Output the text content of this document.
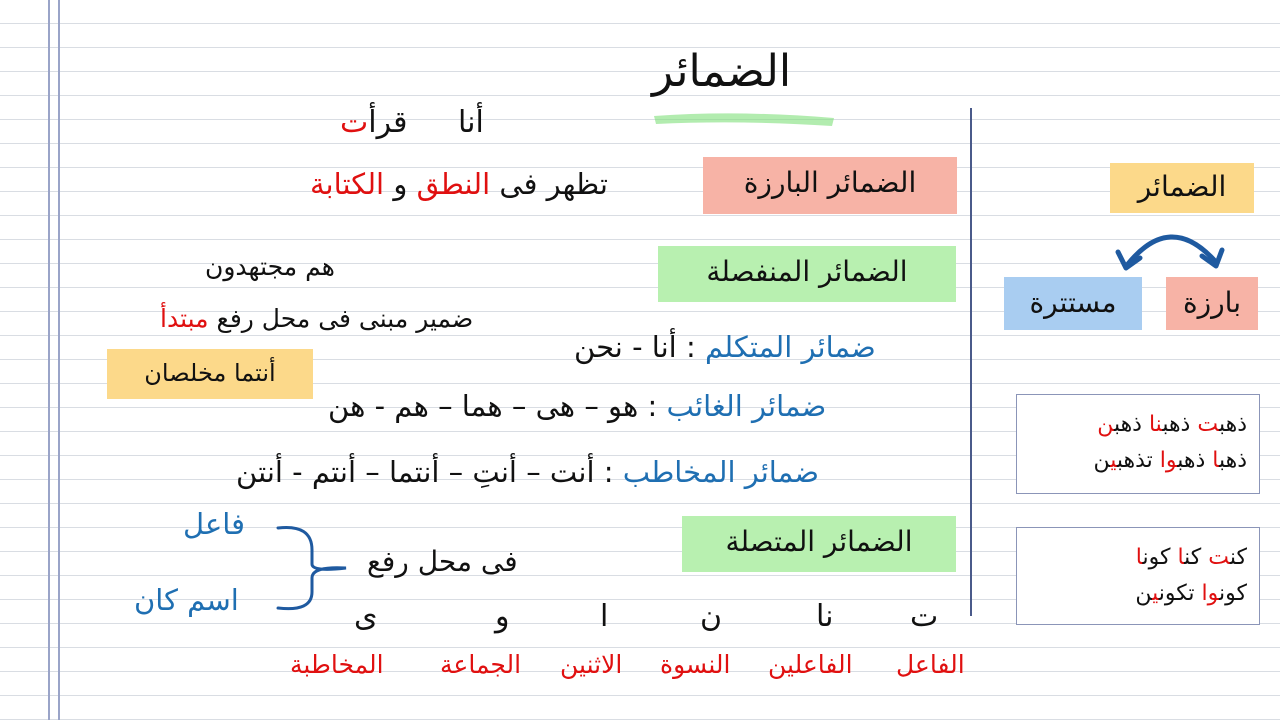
الضمائر
أنا
قرأت
الضمائر البارزة
تظهر فى النطق و الكتابة
الضمائر المنفصلة
هم مجتهدون
ضمير مبنى فى محل رفع مبتدأ
أنتما مخلصان
ضمائر المتكلم : أنا - نحن
ضمائر الغائب : هو – هى – هما – هم - هن
ضمائر المخاطب : أنت – أنتِ – أنتما – أنتم - أنتن
الضمائر المتصلة
فى محل رفع
فاعل
اسم كان	ت
نا
ن
ا
و
ى
الفاعل
الفاعلين
النسوة
الاثنين
الجماعة
المخاطبة
الضمائر
بارزة
مستترة
ذهبت ذهبنا ذهبن
ذهبا ذهبوا تذهبين
كنت كنا كونا
كونوا تكونين
